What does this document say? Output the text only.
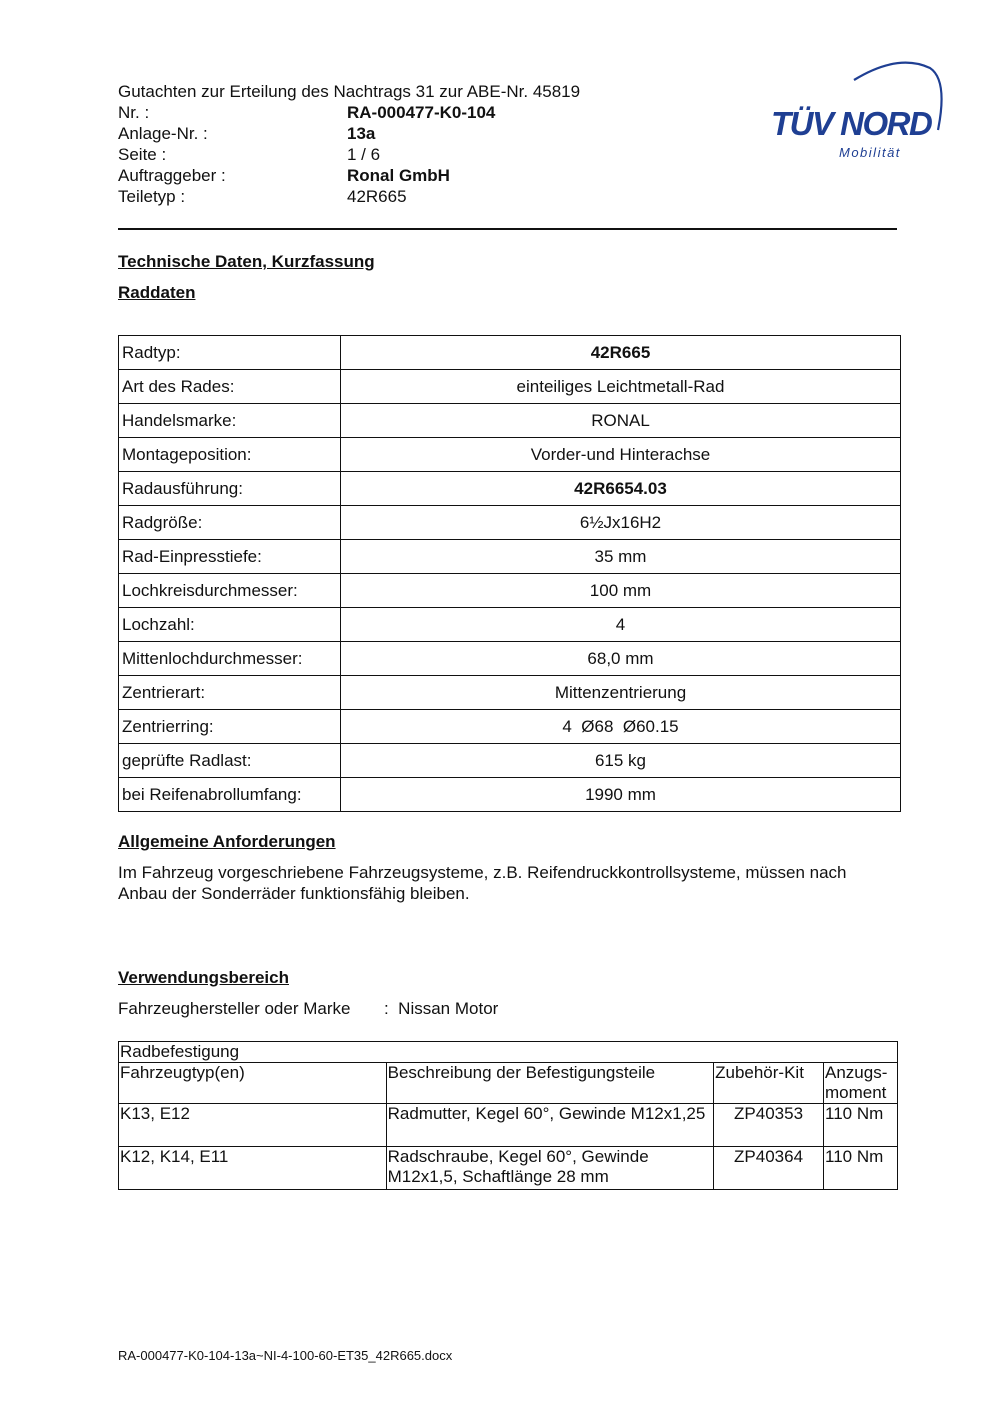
Gutachten zur Erteilung des Nachtrags 31 zur ABE-Nr. 45819
Nr. :	RA-000477-K0-104
Anlage-Nr. :	13a
Seite :	1 / 6
Auftraggeber :	Ronal GmbH
Teiletyp :	42R665
TÜV NORD
Mobilität
Technische Daten, Kurzfassung
Raddaten
Radtyp:	42R665
Art des Rades:	einteiliges Leichtmetall-Rad
Handelsmarke:	RONAL
Montageposition:	Vorder-und Hinterachse
Radausführung:	42R6654.03
Radgröße:	6½Jx16H2
Rad-Einpresstiefe:	35 mm
Lochkreisdurchmesser:	100 mm
Lochzahl:	4
Mittenlochdurchmesser:	68,0 mm
Zentrierart:	Mittenzentrierung
Zentrierring:	4  Ø68  Ø60.15
geprüfte Radlast:	615 kg
bei Reifenabrollumfang:	1990 mm
Allgemeine Anforderungen
Im Fahrzeug vorgeschriebene Fahrzeugsysteme, z.B. Reifendruckkontrollsysteme, müssen nach Anbau der Sonderräder funktionsfähig bleiben.
Verwendungsbereich
Fahrzeughersteller oder Marke :  Nissan Motor
Radbefestigung			
Fahrzeugtyp(en)	Beschreibung der Befestigungsteile	Zubehör-Kit	Anzugs-moment
K13, E12	Radmutter, Kegel 60°, Gewinde M12x1,25	ZP40353	110 Nm
K12, K14, E11	Radschraube, Kegel 60°, Gewinde M12x1,5, Schaftlänge 28 mm	ZP40364	110 Nm
RA-000477-K0-104-13a~NI-4-100-60-ET35_42R665.docx
